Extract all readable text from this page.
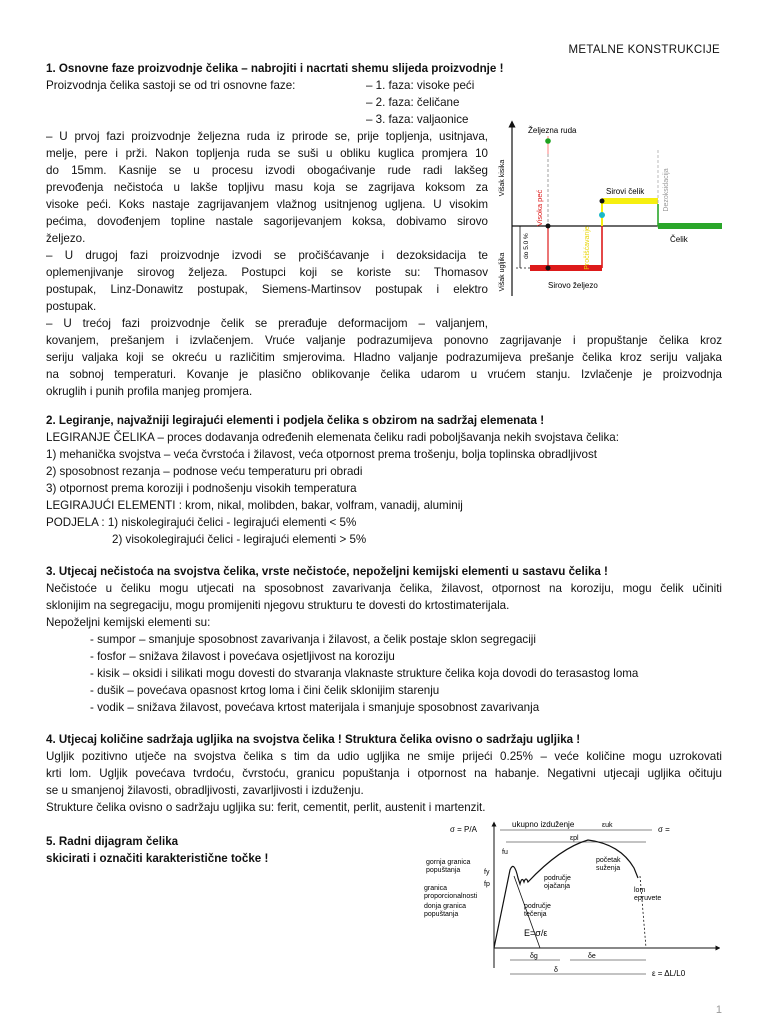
METALNE KONSTRUKCIJE
1. Osnovne faze proizvodnje čelika – nabrojiti i nacrtati shemu slijeda proizvodnje !
Proizvodnja čelika sastoji se od tri osnovne faze:	– 1. faza: visoke peći
– 2. faza: čeličane
– 3. faza: valjaonice
– U prvoj fazi proizvodnje željezna ruda iz prirode se, prije topljenja, usitnjava,
melje, pere i prži. Nakon topljenja ruda se suši u obliku kuglica promjera 10
do 15mm. Kasnije se u procesu izvodi obogaćivanje rude radi lakšeg
prevođenja nečistoća u lakše topljivu masu koja se zagrijava koksom za
visoke peći. Koks nastaje zagrijavanjem vlažnog usitnjenog ugljena. U visokim
pećima, dovođenjem topline nastale sagorijevanjem koksa, dobivamo sirovo
željezo.
– U drugoj fazi proizvodnje izvodi se pročišćavanje i dezoksidacija te
oplemenjivanje sirovog željeza. Postupci koji se koriste su: Thomasov
postupak, Linz-Donawitz postupak, Siemens-Martinsov postupak i elektro
postupak.
– U trećoj fazi proizvodnje čelik se prerađuje deformacijom – valjanjem,
kovanjem, prešanjem i izvlačenjem. Vruće valjanje podrazumijeva ponovno zagrijavanje i propuštanje čelika kroz
seriju valjaka koji se okreću u različitim smjerovima. Hladno valjanje podrazumijeva prešanje čelika kroz seriju valjaka
na sobnoj temperaturi. Kovanje je plasično oblikovanje čelika udarom u vrućem stanju. Izvlačenje je proizvodnja
okruglih i punih profila manjeg promjera.
Višak kisika
Višak ugljika
do 5.0 %
Željezna ruda
Visoka peć
Sirovo željezo
Pročišćavanje
Sirovi čelik	Dezoksidacija
Čelik
2. Legiranje, najvažniji legirajući elementi i podjela čelika s obzirom na sadržaj elemenata !
LEGIRANJE ČELIKA – proces dodavanja određenih elemenata čeliku radi poboljšavanja nekih svojstava čelika:
1) mehanička svojstva – veća čvrstoća i žilavost, veća otpornost prema trošenju, bolja toplinska obradljivost
2) sposobnost rezanja – podnose veću temperaturu pri obradi
3) otpornost prema koroziji i podnošenju visokih temperatura
LEGIRAJUĆI ELEMENTI : krom, nikal, molibden, bakar, volfram, vanadij, aluminij
PODJELA : 1) niskolegirajući čelici - legirajući elementi < 5%
2) visokolegirajući čelici - legirajući elementi > 5%
3. Utjecaj nečistoća na svojstva čelika, vrste nečistoće, nepoželjni kemijski elementi u sastavu čelika !
Nečistoće u čeliku mogu utjecati na sposobnost zavarivanja čelika, žilavost, otpornost na koroziju, mogu čelik učiniti
sklonijim na segregaciju, mogu promijeniti njegovu strukturu te dovesti do krtostimaterijala.
Nepoželjni kemijski elementi su:
- sumpor – smanjuje sposobnost zavarivanja i žilavost, a čelik postaje sklon segregaciji
- fosfor – snižava žilavost i povećava osjetljivost na koroziju
- kisik – oksidi i silikati mogu dovesti do stvaranja vlaknaste strukture čelika koja dovodi do terasastog loma
- dušik – povećava opasnost krtog loma i čini čelik sklonijim starenju
- vodik – snižava žilavost, povećava krtost materijala i smanjuje sposobnost zavarivanja
4. Utjecaj količine sadržaja ugljika na svojstva čelika ! Struktura čelika ovisno o sadržaju ugljika !
Ugljik pozitivno utječe na svojstva čelika s tim da udio ugljika ne smije prijeći 0.25% – veće količine mogu uzrokovati
krti lom. Ugljik povećava tvrdoću, čvrstoću, granicu popuštanja i otpornost na habanje. Negativni utjecaji ugljika očituju
se u smanjenoj žilavosti, obradljivosti, zavarljivosti i izduženju.
Strukture čelika ovisno o sadržaju ugljika su: ferit, cementit, perlit, austenit i martenzit.
5. Radni dijagram čelika
skicirati i označiti karakteristične točke !
σ = P/A	σ =
ukupno izduženje	εuk
εpl
fu
fy
fp
gornja granica
popuštanja
područje
ojačanja
početak
suženja
lom
epruvete
granica
proporcionalnosti
donja granica
popuštanja
područje
tečenja
E=σ/ε
δg	δe
δ	ε = ΔL/L0
1
